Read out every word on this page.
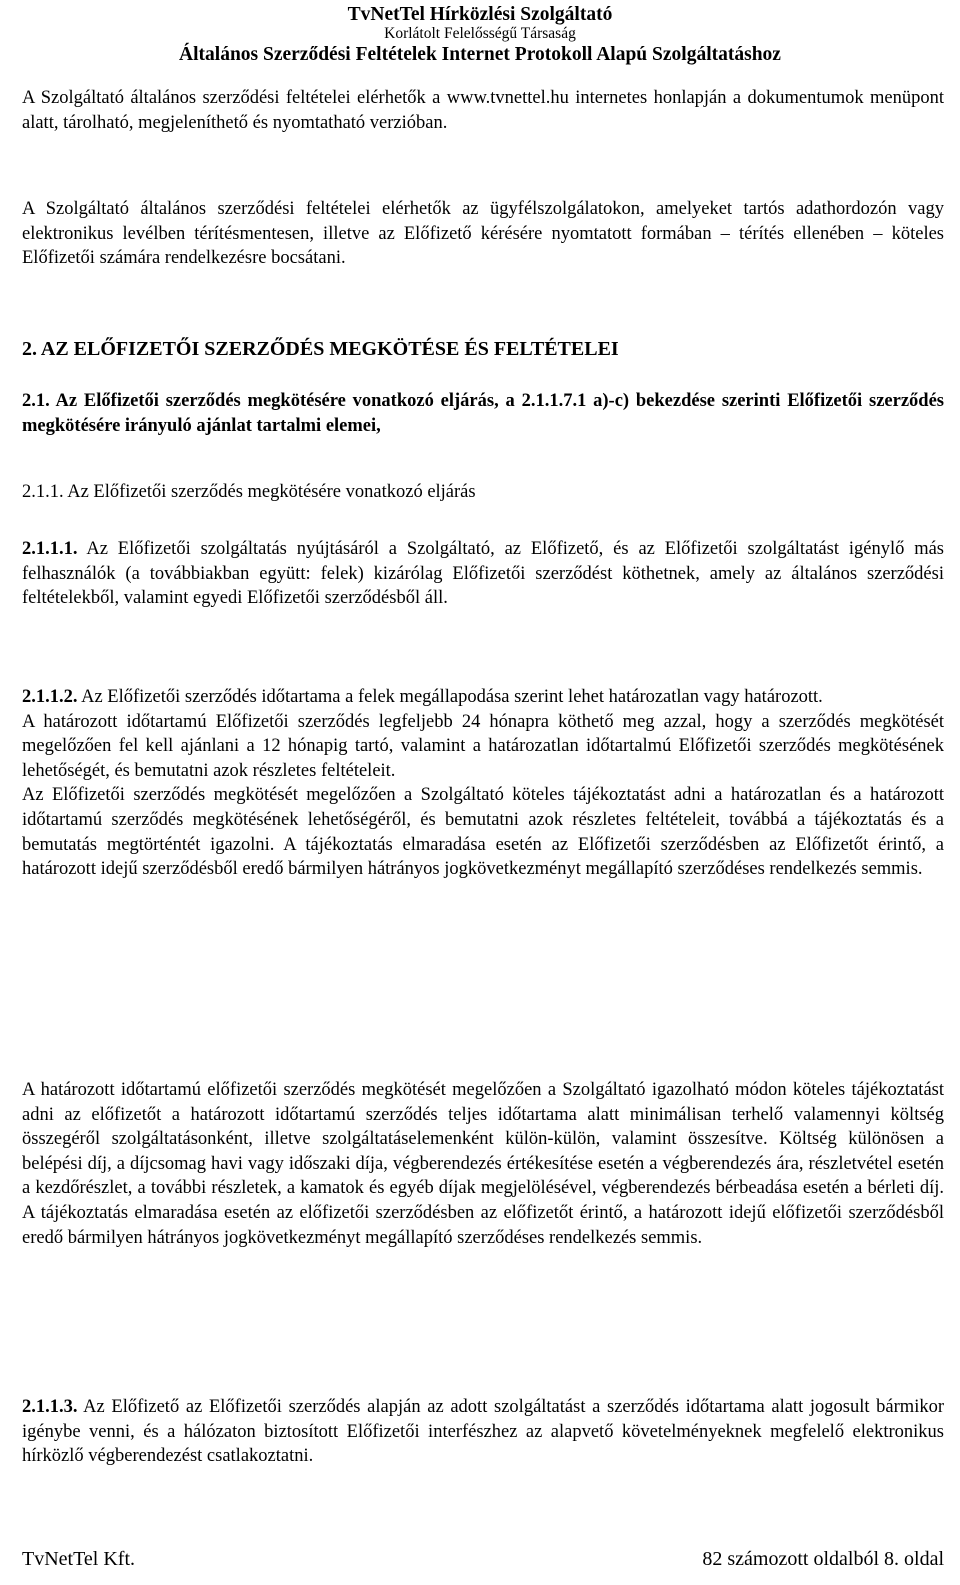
TvNetTel Hírközlési Szolgáltató
Korlátolt Felelősségű Társaság
Általános Szerződési Feltételek Internet Protokoll Alapú Szolgáltatáshoz

A Szolgáltató általános szerződési feltételei elérhetők a www.tvnettel.hu internetes honlapján a dokumentumok menüpont alatt, tárolható, megjeleníthető és nyomtatható verzióban.

A Szolgáltató általános szerződési feltételei elérhetők az ügyfélszolgálatokon, amelyeket tartós adathordozón vagy elektronikus levélben térítésmentesen, illetve az Előfizető kérésére nyomtatott formában – térítés ellenében – köteles Előfizetői számára rendelkezésre bocsátani.

2. AZ ELŐFIZETŐI SZERZŐDÉS MEGKÖTÉSE ÉS FELTÉTELEI

2.1. Az Előfizetői szerződés megkötésére vonatkozó eljárás, a 2.1.1.7.1 a)-c) bekezdése szerinti Előfizetői szerződés megkötésére irányuló ajánlat tartalmi elemei,

2.1.1. Az Előfizetői szerződés megkötésére vonatkozó eljárás

2.1.1.1. Az Előfizetői szolgáltatás nyújtásáról a Szolgáltató, az Előfizető, és az Előfizetői szolgáltatást igénylő más felhasználók (a továbbiakban együtt: felek) kizárólag Előfizetői szerződést köthetnek, amely az általános szerződési feltételekből, valamint egyedi Előfizetői szerződésből áll.

2.1.1.2. Az Előfizetői szerződés időtartama a felek megállapodása szerint lehet határozatlan vagy határozott.

A határozott időtartamú Előfizetői szerződés legfeljebb 24 hónapra köthető meg azzal, hogy a szerződés megkötését megelőzően fel kell ajánlani a 12 hónapig tartó, valamint a határozatlan időtartalmú Előfizetői szerződés megkötésének lehetőségét, és bemutatni azok részletes feltételeit.

Az Előfizetői szerződés megkötését megelőzően a Szolgáltató köteles tájékoztatást adni a határozatlan és a határozott időtartamú szerződés megkötésének lehetőségéről, és bemutatni azok részletes feltételeit, továbbá a tájékoztatás és a bemutatás megtörténtét igazolni. A tájékoztatás elmaradása esetén az Előfizetői szerződésben az Előfizetőt érintő, a határozott idejű szerződésből eredő bármilyen hátrányos jogkövetkezményt megállapító szerződéses rendelkezés semmis.

A határozott időtartamú előfizetői szerződés megkötését megelőzően a Szolgáltató igazolható módon köteles tájékoztatást adni az előfizetőt a határozott időtartamú szerződés teljes időtartama alatt minimálisan terhelő valamennyi költség összegéről szolgáltatásonként, illetve szolgáltatáselemenként külön-külön, valamint összesítve. Költség különösen a belépési díj, a díjcsomag havi vagy időszaki díja, végberendezés értékesítése esetén a végberendezés ára, részletvétel esetén a kezdőrészlet, a további részletek, a kamatok és egyéb díjak megjelölésével, végberendezés bérbeadása esetén a bérleti díj. A tájékoztatás elmaradása esetén az előfizetői szerződésben az előfizetőt érintő, a határozott idejű előfizetői szerződésből eredő bármilyen hátrányos jogkövetkezményt megállapító szerződéses rendelkezés semmis.

2.1.1.3. Az Előfizető az Előfizetői szerződés alapján az adott szolgáltatást a szerződés időtartama alatt jogosult bármikor igénybe venni, és a hálózaton biztosított Előfizetői interfészhez az alapvető követelményeknek megfelelő elektronikus hírközlő végberendezést csatlakoztatni.

TvNetTel Kft.	82 számozott oldalból 8. oldal
